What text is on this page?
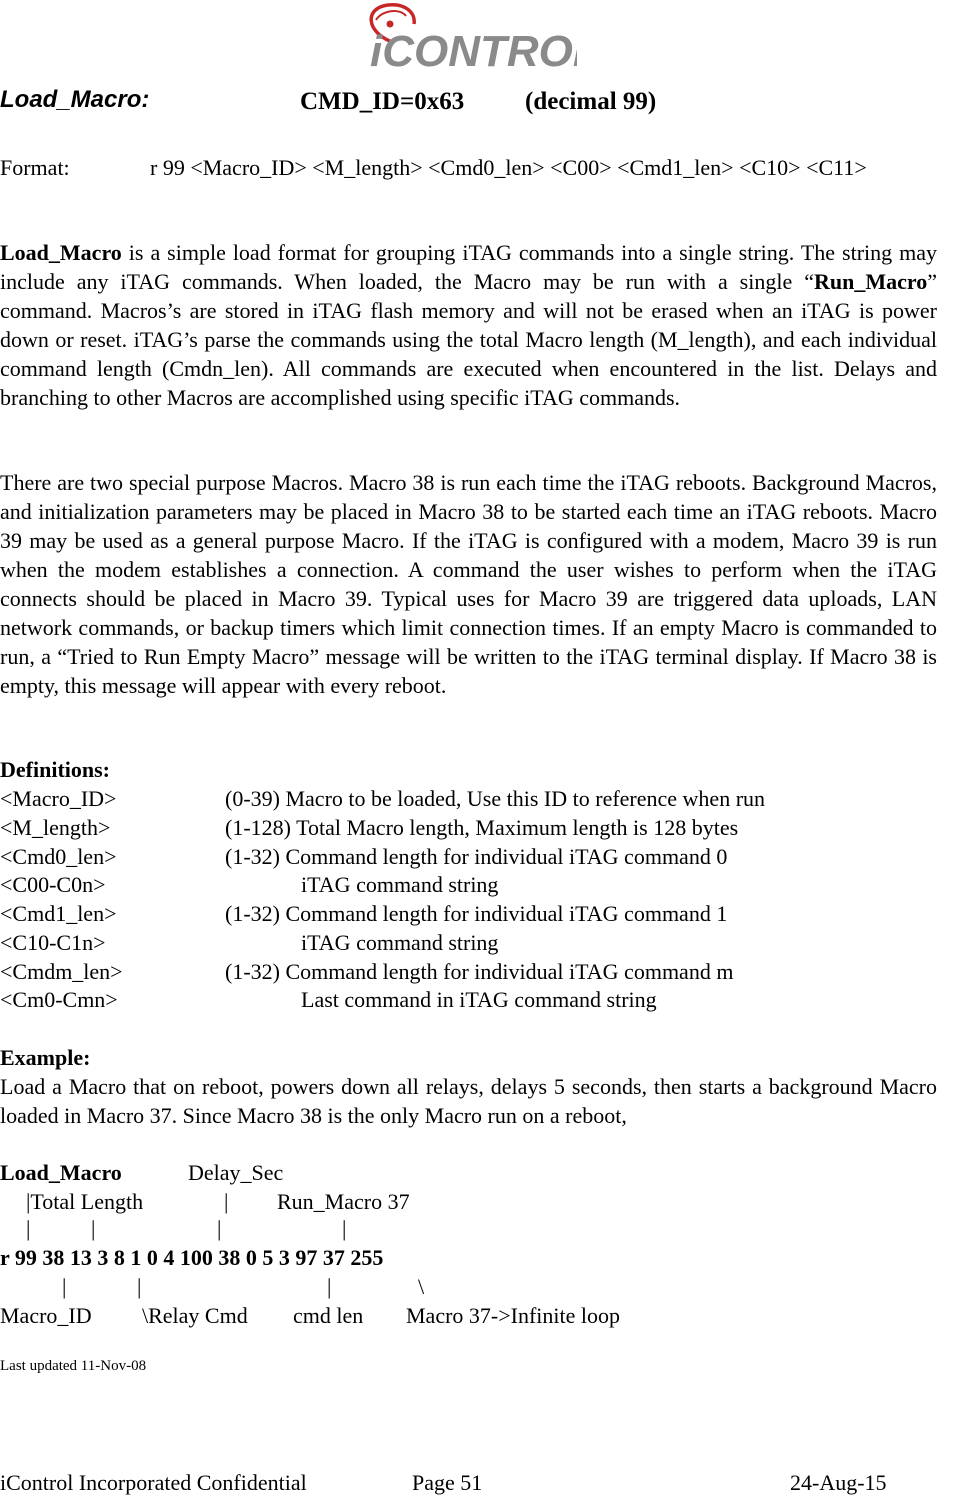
iCONTROL
Load_Macro:	CMD_ID=0x63 (decimal 99)
Format:	r 99 <Macro_ID> <M_length> <Cmd0_len> <C00> <Cmd1_len> <C10> <C11>
Load_Macro is a simple load format for grouping iTAG commands into a single string. The string may include any iTAG commands. When loaded, the Macro may be run with a single “Run_Macro” command. Macros’s are stored in iTAG flash memory and will not be erased when an iTAG is power down or reset. iTAG’s parse the commands using the total Macro length (M_length), and each individual command length (Cmdn_len). All commands are executed when encountered in the list. Delays and branching to other Macros are accomplished using specific iTAG commands.
There are two special purpose Macros. Macro 38 is run each time the iTAG reboots. Background Macros, and initialization parameters may be placed in Macro 38 to be started each time an iTAG reboots. Macro 39 may be used as a general purpose Macro. If the iTAG is configured with a modem, Macro 39 is run when the modem establishes a connection. A command the user wishes to perform when the iTAG connects should be placed in Macro 39. Typical uses for Macro 39 are triggered data uploads, LAN network commands, or backup timers which limit connection times. If an empty Macro is commanded to run, a “Tried to Run Empty Macro” message will be written to the iTAG terminal display. If Macro 38 is empty, this message will appear with every reboot.
Definitions:
<Macro_ID>	(0-39) Macro to be loaded, Use this ID to reference when run
<M_length>	(1-128) Total Macro length, Maximum length is 128 bytes
<Cmd0_len>	(1-32) Command length for individual iTAG command 0
<C00-C0n>	iTAG command string
<Cmd1_len>	(1-32) Command length for individual iTAG command 1
<C10-C1n>	iTAG command string
<Cmdm_len>	(1-32) Command length for individual iTAG command m
<Cm0-Cmn>	Last command in iTAG command string
Example:
Load a Macro that on reboot, powers down all relays, delays 5 seconds, then starts a background Macro loaded in Macro 37. Since Macro 38 is the only Macro run on a reboot,
Load_Macro	Delay_Sec
|Total Length	| Run_Macro 37
|	|	|	|
r 99 38 13 3 8 1 0 4 100 38 0 5 3 97 37 255
|	|	|	\
Macro_ID \Relay Cmd cmd len Macro 37->Infinite loop
Last updated 11-Nov-08
iControl Incorporated Confidential	Page 51	24-Aug-15
